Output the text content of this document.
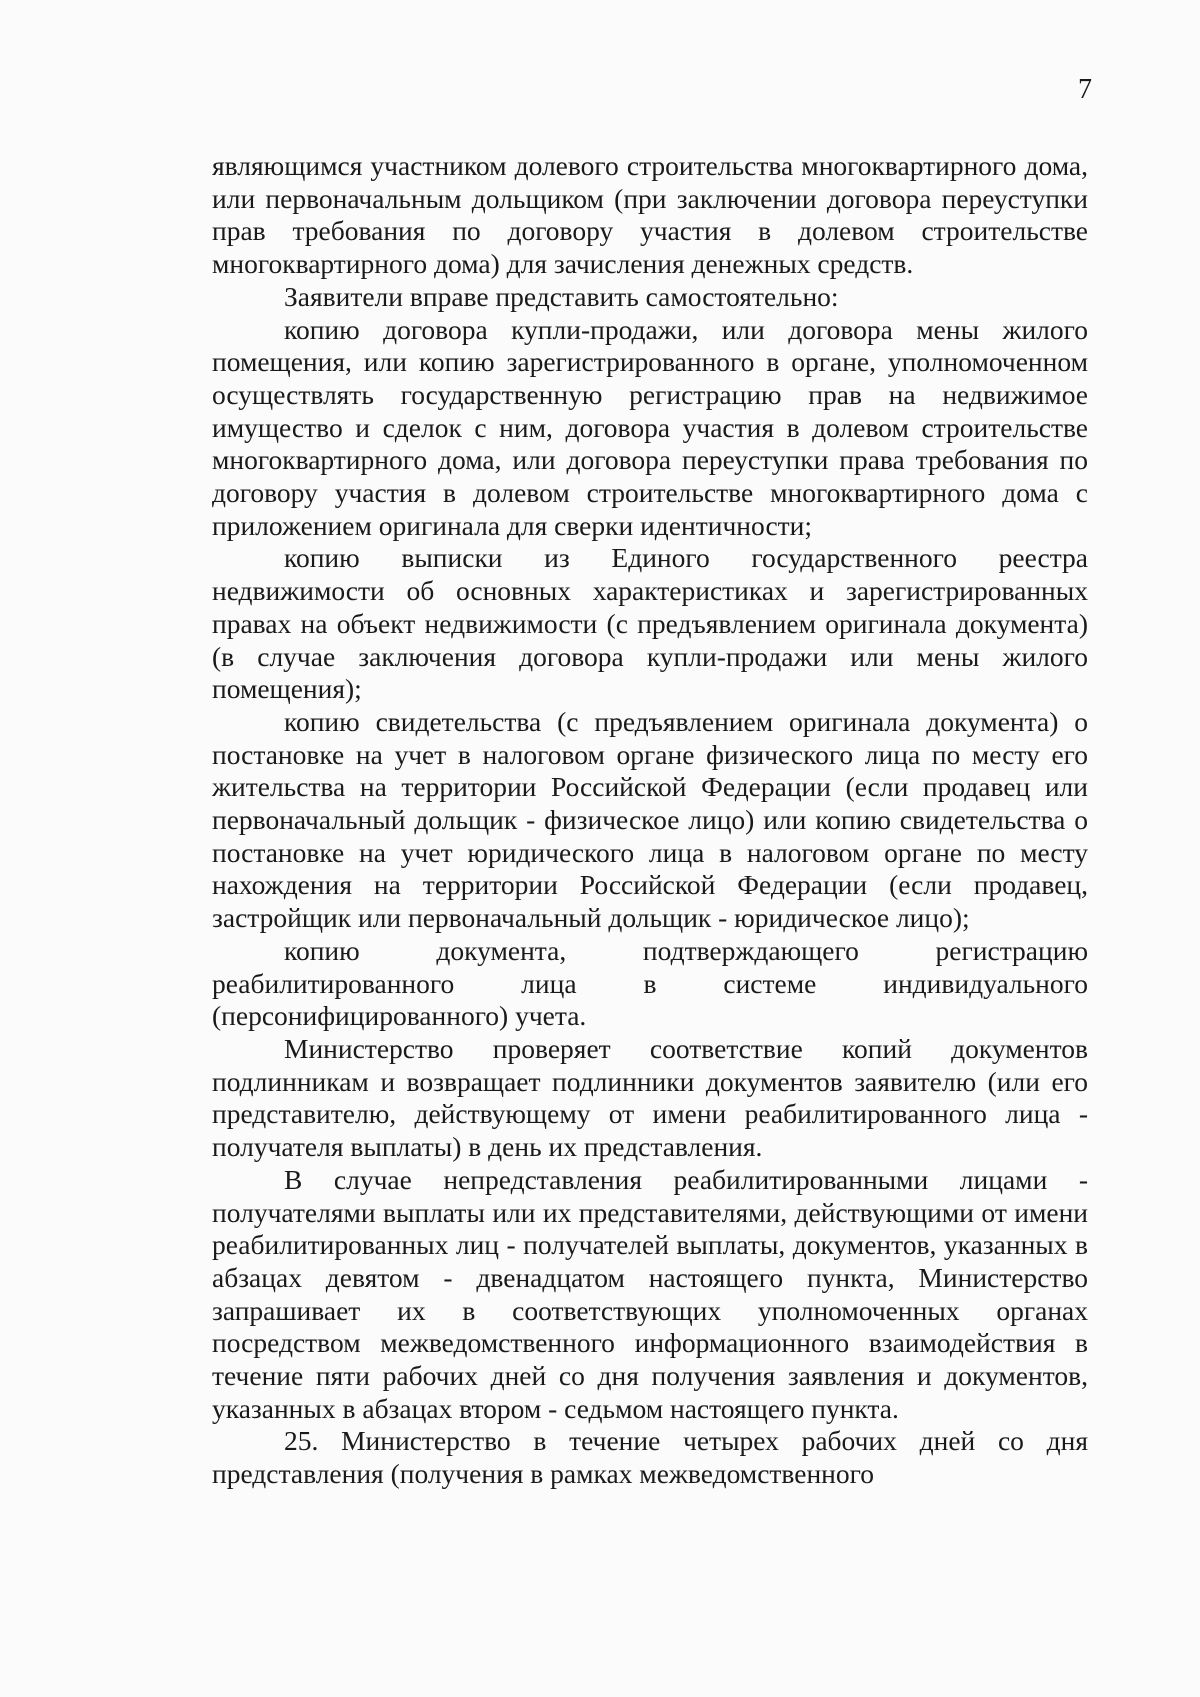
7

являющимся участником долевого строительства многоквартирного дома, или первоначальным дольщиком (при заключении договора переуступки прав требования по договору участия в долевом строительстве многоквартирного дома) для зачисления денежных средств.

Заявители вправе представить самостоятельно:

копию договора купли-продажи, или договора мены жилого помещения, или копию зарегистрированного в органе, уполномоченном осуществлять государственную регистрацию прав на недвижимое имущество и сделок с ним, договора участия в долевом строительстве многоквартирного дома, или договора переуступки права требования по договору участия в долевом строительстве многоквартирного дома с приложением оригинала для сверки идентичности;

копию выписки из Единого государственного реестра недвижимости об основных характеристиках и зарегистрированных правах на объект недвижимости (с предъявлением оригинала документа) (в случае заключения договора купли-продажи или мены жилого помещения);

копию свидетельства (с предъявлением оригинала документа) о постановке на учет в налоговом органе физического лица по месту его жительства на территории Российской Федерации (если продавец или первоначальный дольщик - физическое лицо) или копию свидетельства о постановке на учет юридического лица в налоговом органе по месту нахождения на территории Российской Федерации (если продавец, застройщик или первоначальный дольщик - юридическое лицо);

копию документа, подтверждающего регистрацию реабилитированного лица в системе индивидуального (персонифицированного) учета.

Министерство проверяет соответствие копий документов подлинникам и возвращает подлинники документов заявителю (или его представителю, действующему от имени реабилитированного лица - получателя выплаты) в день их представления.

В случае непредставления реабилитированными лицами - получателями выплаты или их представителями, действующими от имени реабилитированных лиц - получателей выплаты, документов, указанных в абзацах девятом - двенадцатом настоящего пункта, Министерство запрашивает их в соответствующих уполномоченных органах посредством межведомственного информационного взаимодействия в течение пяти рабочих дней со дня получения заявления и документов, указанных в абзацах втором - седьмом настоящего пункта.

25. Министерство в течение четырех рабочих дней со дня представления (получения в рамках межведомственного
